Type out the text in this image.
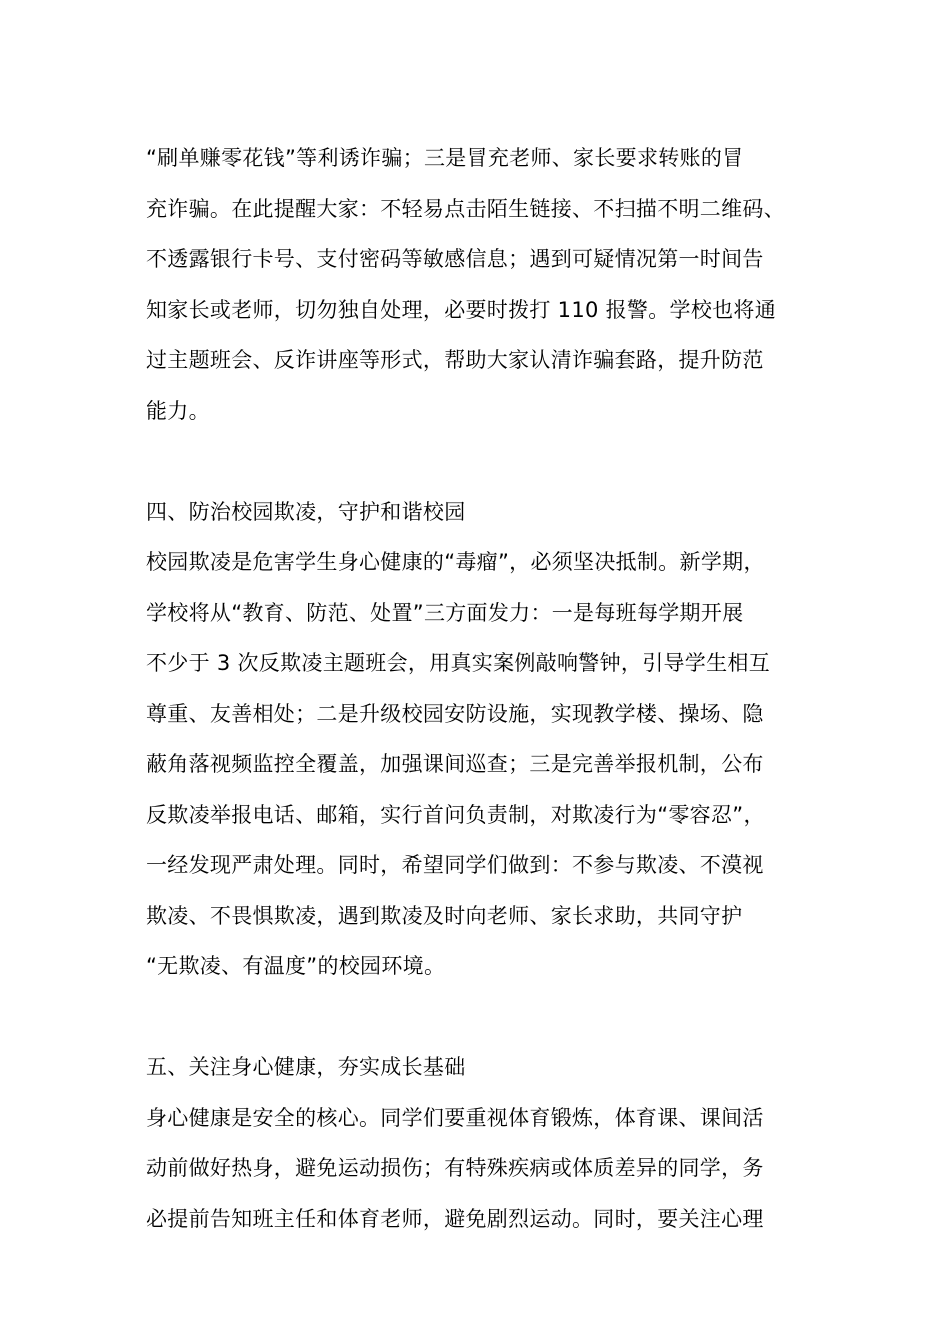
“刷单赚零花钱”等利诱诈骗；三是冒充老师、家长要求转账的冒
充诈骗。在此提醒大家：不轻易点击陌生链接、不扫描不明二维码、
不透露银行卡号、支付密码等敏感信息；遇到可疑情况第一时间告
知家长或老师，切勿独自处理，必要时拨打 110 报警。学校也将通
过主题班会、反诈讲座等形式，帮助大家认清诈骗套路，提升防范
能力。
四、防治校园欺凌，守护和谐校园
校园欺凌是危害学生身心健康的“毒瘤”，必须坚决抵制。新学期，
学校将从“教育、防范、处置”三方面发力：一是每班每学期开展
不少于 3 次反欺凌主题班会，用真实案例敲响警钟，引导学生相互
尊重、友善相处；二是升级校园安防设施，实现教学楼、操场、隐
蔽角落视频监控全覆盖，加强课间巡查；三是完善举报机制，公布
反欺凌举报电话、邮箱，实行首问负责制，对欺凌行为“零容忍”，
一经发现严肃处理。同时，希望同学们做到：不参与欺凌、不漠视
欺凌、不畏惧欺凌，遇到欺凌及时向老师、家长求助，共同守护
“无欺凌、有温度”的校园环境。
五、关注身心健康，夯实成长基础
身心健康是安全的核心。同学们要重视体育锻炼，体育课、课间活
动前做好热身，避免运动损伤；有特殊疾病或体质差异的同学，务
必提前告知班主任和体育老师，避免剧烈运动。同时，要关注心理
